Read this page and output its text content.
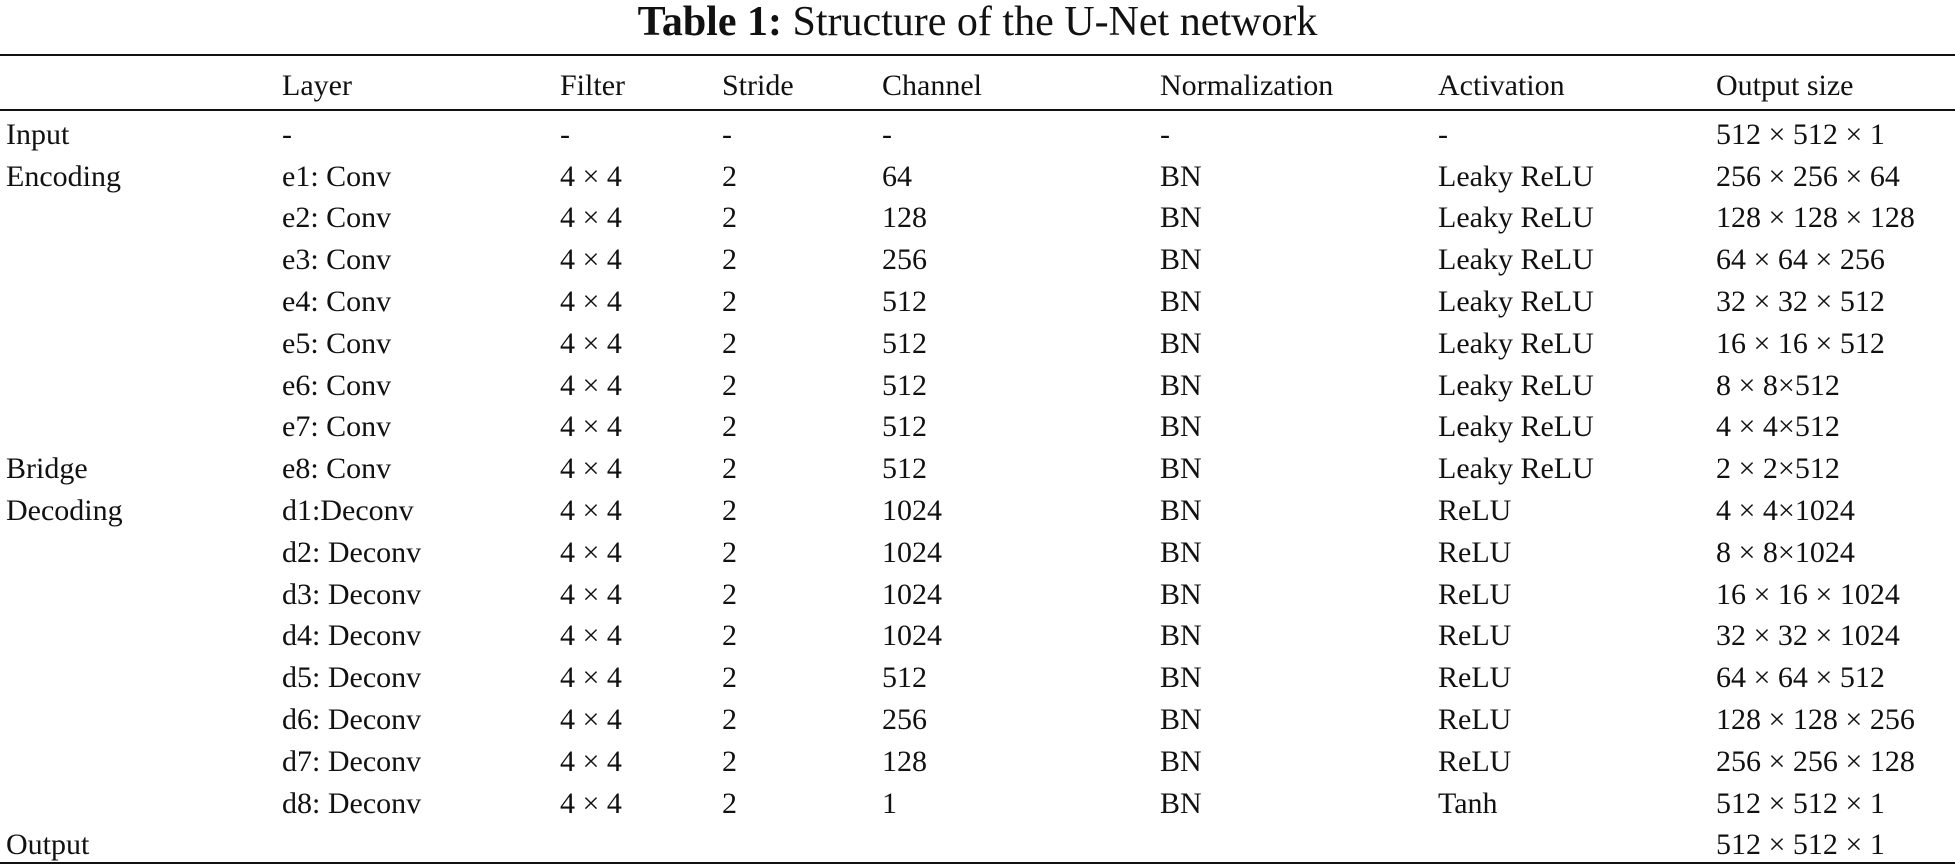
Table 1: Structure of the U-Net network

	Layer	Filter	Stride	Channel	Normalization	Activation	Output size
Input	-	-	-	-	-	-	512 × 512 × 1
Encoding	e1: Conv	4 × 4	2	64	BN	Leaky ReLU	256 × 256 × 64
	e2: Conv	4 × 4	2	128	BN	Leaky ReLU	128 × 128 × 128
	e3: Conv	4 × 4	2	256	BN	Leaky ReLU	64 × 64 × 256
	e4: Conv	4 × 4	2	512	BN	Leaky ReLU	32 × 32 × 512
	e5: Conv	4 × 4	2	512	BN	Leaky ReLU	16 × 16 × 512
	e6: Conv	4 × 4	2	512	BN	Leaky ReLU	8 × 8×512
	e7: Conv	4 × 4	2	512	BN	Leaky ReLU	4 × 4×512
Bridge	e8: Conv	4 × 4	2	512	BN	Leaky ReLU	2 × 2×512
Decoding	d1:Deconv	4 × 4	2	1024	BN	ReLU	4 × 4×1024
	d2: Deconv	4 × 4	2	1024	BN	ReLU	8 × 8×1024
	d3: Deconv	4 × 4	2	1024	BN	ReLU	16 × 16 × 1024
	d4: Deconv	4 × 4	2	1024	BN	ReLU	32 × 32 × 1024
	d5: Deconv	4 × 4	2	512	BN	ReLU	64 × 64 × 512
	d6: Deconv	4 × 4	2	256	BN	ReLU	128 × 128 × 256
	d7: Deconv	4 × 4	2	128	BN	ReLU	256 × 256 × 128
	d8: Deconv	4 × 4	2	1	BN	Tanh	512 × 512 × 1
Output							512 × 512 × 1
